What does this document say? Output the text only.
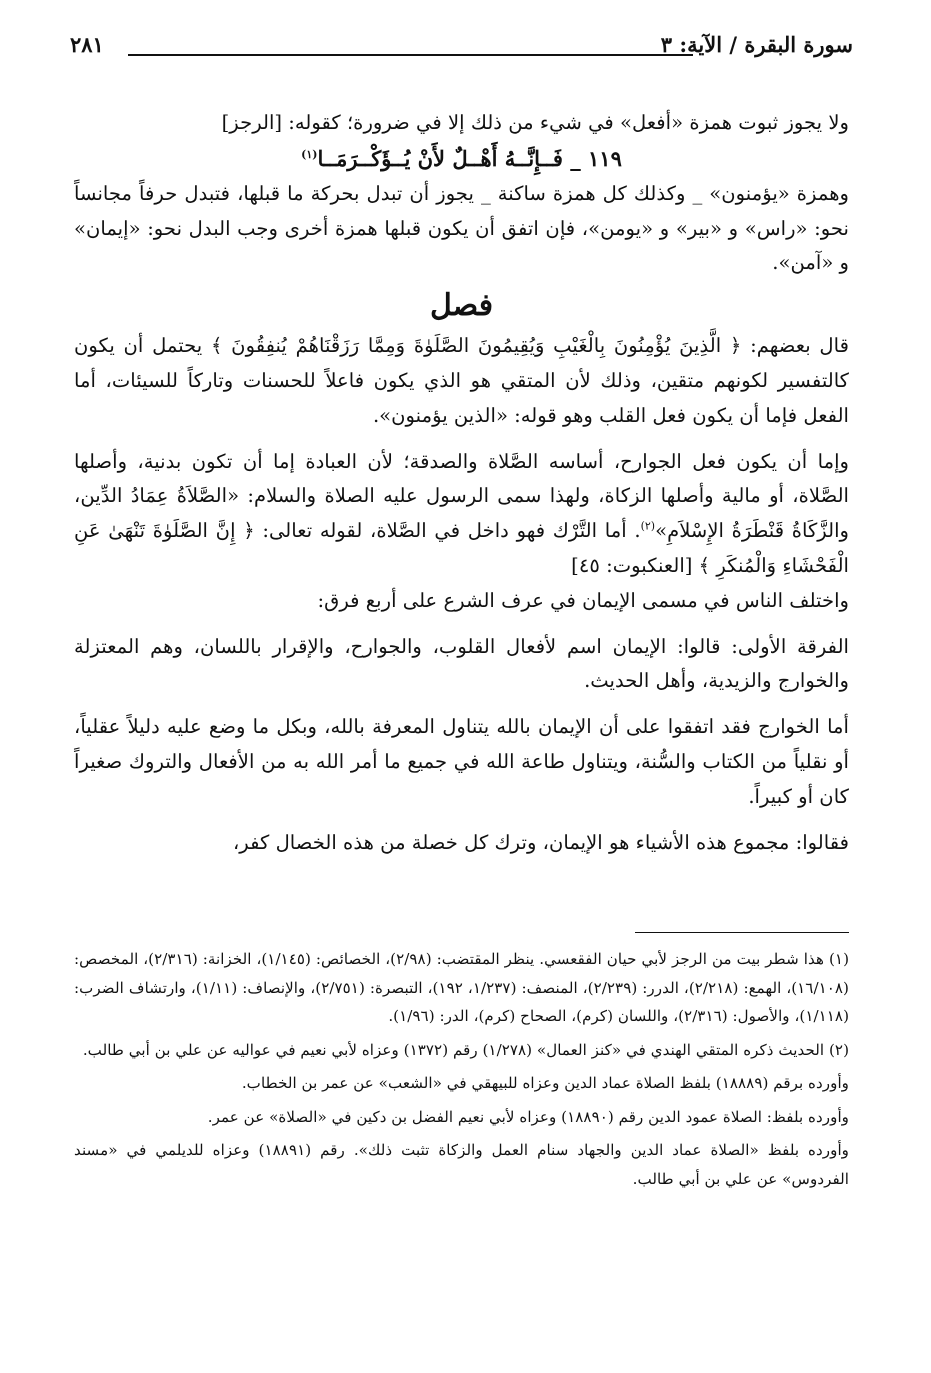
سورة البقرة / الآية: ٣
٢٨١

ولا يجوز ثبوت همزة «أفعل» في شيء من ذلك إلا في ضرورة؛ كقوله: [الرجز]

١١٩ _ فَــإِنَّــهُ أَهْــلٌ لأَنْ يُــؤَكْــرَمَــا$^{(١)}$

وهمزة «يؤمنون» _ وكذلك كل همزة ساكنة _ يجوز أن تبدل بحركة ما قبلها، فتبدل حرفاً مجانساً نحو: «راس» و «بير» و «يومن»، فإن اتفق أن يكون قبلها همزة أخرى وجب البدل نحو: «إيمان» و «آمن».

فصل

قال بعضهم: ﴿ الَّذِينَ يُؤْمِنُونَ بِالْغَيْبِ وَيُقِيمُونَ الصَّلَوٰةَ وَمِمَّا رَزَقْنَاهُمْ يُنفِقُونَ ﴾ يحتمل أن يكون كالتفسير لكونهم متقين، وذلك لأن المتقي هو الذي يكون فاعلاً للحسنات وتاركاً للسيئات، أما الفعل فإما أن يكون فعل القلب وهو قوله: «الذين يؤمنون».

وإما أن يكون فعل الجوارح، أساسه الصَّلاة والصدقة؛ لأن العبادة إما أن تكون بدنية، وأصلها الصَّلاة، أو مالية وأصلها الزكاة، ولهذا سمى الرسول عليه الصلاة والسلام: «الصَّلاَةُ عِمَادُ الدِّين، والزَّكَاةُ قَنْطَرَةُ الإِسْلاَمِ»$^{(٢)}$. أما التَّرْك فهو داخل في الصَّلاة، لقوله تعالى: ﴿ إِنَّ الصَّلَوٰةَ تَنْهَىٰ عَنِ الْفَحْشَاءِ وَالْمُنكَرِ ﴾ [العنكبوت: ٤٥]

واختلف الناس في مسمى الإيمان في عرف الشرع على أربع فرق:

الفرقة الأولى: قالوا: الإيمان اسم لأفعال القلوب، والجوارح، والإقرار باللسان، وهم المعتزلة والخوارج والزيدية، وأهل الحديث.

أما الخوارج فقد اتفقوا على أن الإيمان بالله يتناول المعرفة بالله، وبكل ما وضع عليه دليلاً عقلياً، أو نقلياً من الكتاب والسُّنة، ويتناول طاعة الله في جميع ما أمر الله به من الأفعال والتروك صغيراً كان أو كبيراً.

فقالوا: مجموع هذه الأشياء هو الإيمان، وترك كل خصلة من هذه الخصال كفر،

(١) هذا شطر بيت من الرجز لأبي حيان الفقعسي. ينظر المقتضب: (٢/٩٨)، الخصائص: (١/١٤٥)، الخزانة: (٢/٣١٦)، المخصص: (١٦/١٠٨)، الهمع: (٢/٢١٨)، الدرر: (٢/٢٣٩)، المنصف: (١/٢٣٧، ١٩٢)، التبصرة: (٢/٧٥١)، والإنصاف: (١/١١)، وارتشاف الضرب: (١/١١٨)، والأصول: (٢/٣١٦)، واللسان (كرم)، الصحاح (كرم)، الدر: (١/٩٦).

(٢) الحديث ذكره المتقي الهندي في «كنز العمال» (١/٢٧٨) رقم (١٣٧٢) وعزاه لأبي نعيم في عواليه عن علي بن أبي طالب.

وأورده برقم (١٨٨٨٩) بلفظ الصلاة عماد الدين وعزاه للبيهقي في «الشعب» عن عمر بن الخطاب.

وأورده بلفظ: الصلاة عمود الدين رقم (١٨٨٩٠) وعزاه لأبي نعيم الفضل بن دكين في «الصلاة» عن عمر.

وأورده بلفظ «الصلاة عماد الدين والجهاد سنام العمل والزكاة تثبت ذلك». رقم (١٨٨٩١) وعزاه للديلمي في «مسند الفردوس» عن علي بن أبي طالب.
